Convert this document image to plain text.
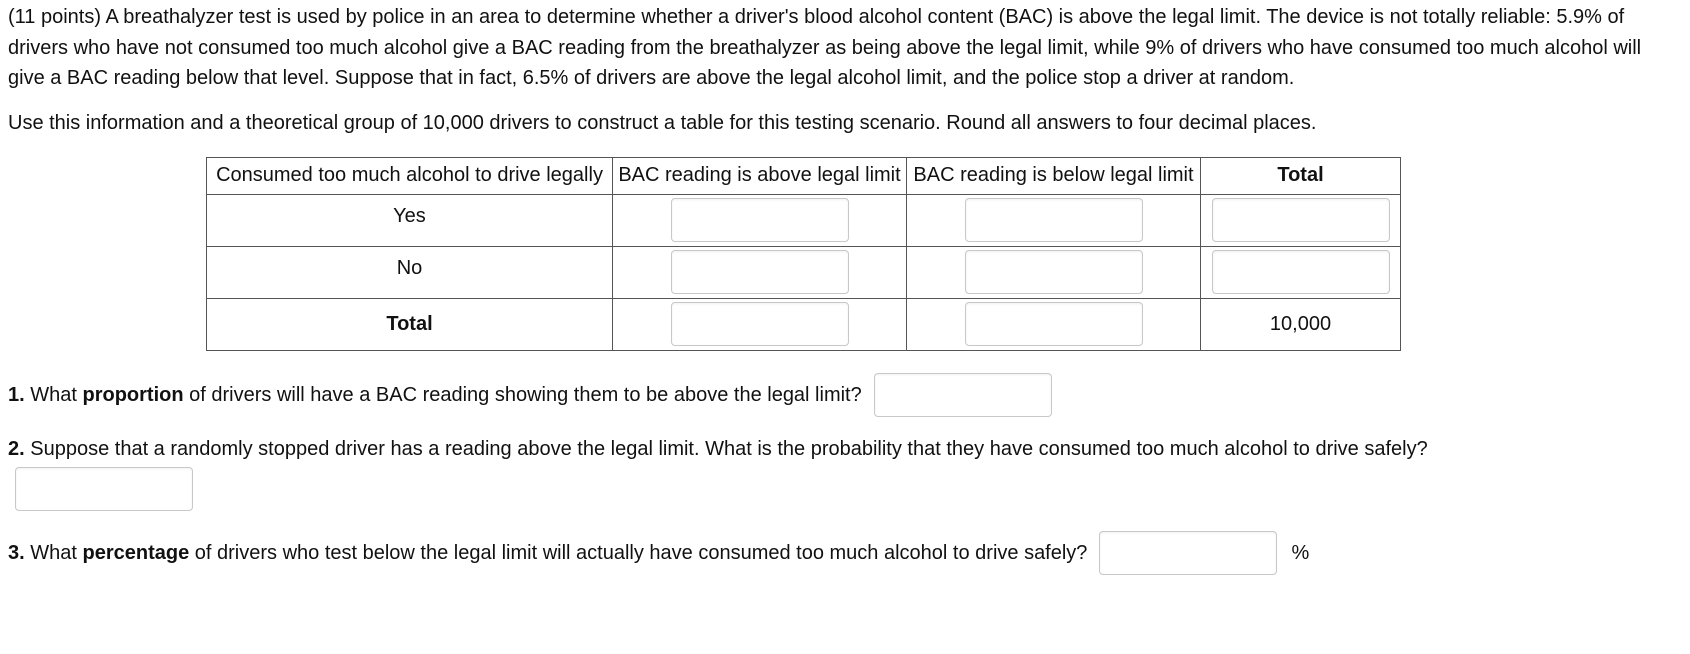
(11 points) A breathalyzer test is used by police in an area to determine whether a driver's blood alcohol content (BAC) is above the legal limit. The device is not totally reliable: 5.9% of drivers who have not consumed too much alcohol give a BAC reading from the breathalyzer as being above the legal limit, while 9% of drivers who have consumed too much alcohol will give a BAC reading below that level. Suppose that in fact, 6.5% of drivers are above the legal alcohol limit, and the police stop a driver at random.

Use this information and a theoretical group of 10,000 drivers to construct a table for this testing scenario. Round all answers to four decimal places.

Consumed too much alcohol to drive legally	BAC reading is above legal limit	BAC reading is below legal limit	Total
Yes			
No			
Total			10,000
1. What proportion of drivers will have a BAC reading showing them to be above the legal limit?
2. Suppose that a randomly stopped driver has a reading above the legal limit. What is the probability that they have consumed too much alcohol to drive safely?
3. What percentage of drivers who test below the legal limit will actually have consumed too much alcohol to drive safely?	%
